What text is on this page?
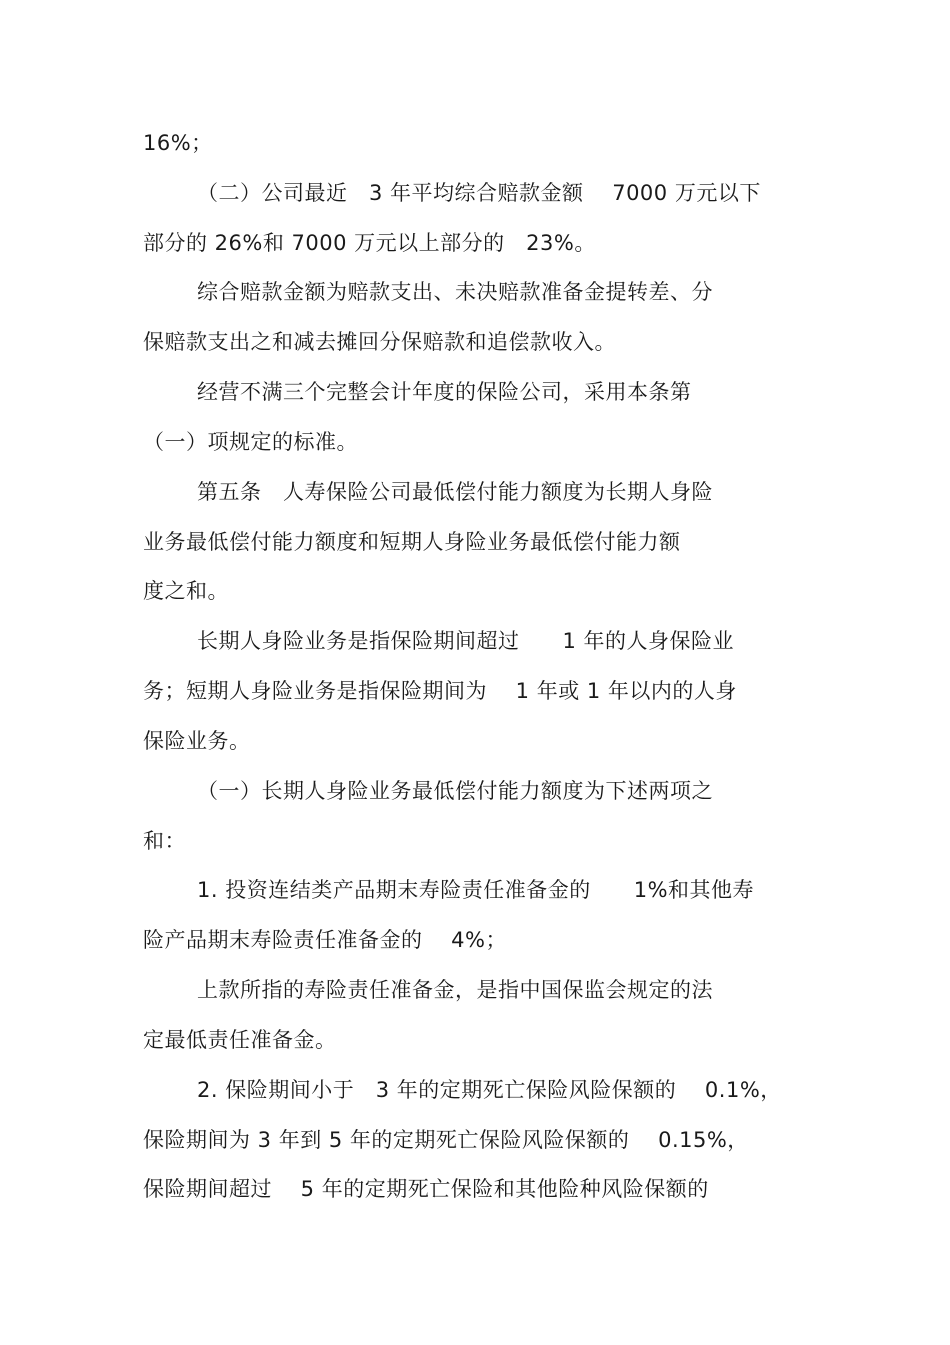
16%；
（二）公司最近　3 年平均综合赔款金额　 7000 万元以下
部分的 26%和 7000 万元以上部分的　23%。
综合赔款金额为赔款支出、未决赔款准备金提转差、分
保赔款支出之和减去摊回分保赔款和追偿款收入。
经营不满三个完整会计年度的保险公司，采用本条第
（一）项规定的标准。
第五条　人寿保险公司最低偿付能力额度为长期人身险
业务最低偿付能力额度和短期人身险业务最低偿付能力额
度之和。
长期人身险业务是指保险期间超过　　1 年的人身保险业
务；短期人身险业务是指保险期间为　 1 年或 1 年以内的人身
保险业务。
（一）长期人身险业务最低偿付能力额度为下述两项之
和：
1. 投资连结类产品期末寿险责任准备金的　　1%和其他寿
险产品期末寿险责任准备金的　 4%；
上款所指的寿险责任准备金，是指中国保监会规定的法
定最低责任准备金。
2. 保险期间小于　3 年的定期死亡保险风险保额的　 0.1%，
保险期间为 3 年到 5 年的定期死亡保险风险保额的　 0.15%，
保险期间超过　 5 年的定期死亡保险和其他险种风险保额的
